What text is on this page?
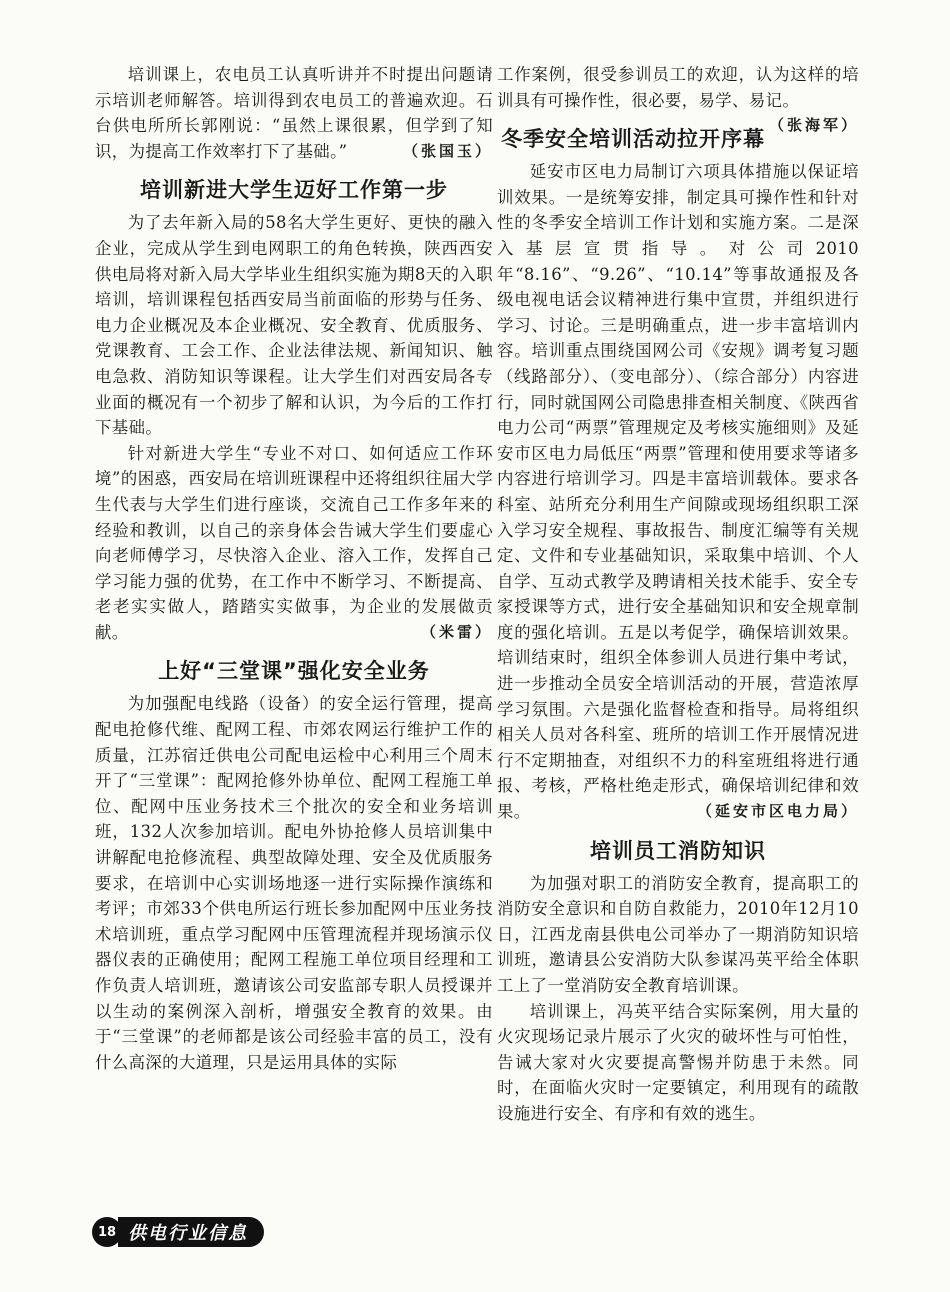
培训课上，农电员工认真听讲并不时提出问题请示培训老师解答。培训得到农电员工的普遍欢迎。石台供电所所长郭刚说：“虽然上课很累，但学到了知识，为提高工作效率打下了基础。”	（张国玉）

培训新进大学生迈好工作第一步

为了去年新入局的58名大学生更好、更快的融入企业，完成从学生到电网职工的角色转换，陕西西安供电局将对新入局大学毕业生组织实施为期8天的入职培训，培训课程包括西安局当前面临的形势与任务、电力企业概况及本企业概况、安全教育、优质服务、党课教育、工会工作、企业法律法规、新闻知识、触电急救、消防知识等课程。让大学生们对西安局各专业面的概况有一个初步了解和认识，为今后的工作打下基础。

针对新进大学生“专业不对口、如何适应工作环境”的困惑，西安局在培训班课程中还将组织往届大学生代表与大学生们进行座谈，交流自己工作多年来的经验和教训，以自己的亲身体会告诫大学生们要虚心向老师傅学习，尽快溶入企业、溶入工作，发挥自己学习能力强的优势，在工作中不断学习、不断提高、老老实实做人，踏踏实实做事，为企业的发展做贡献。	（米雷）

上好“三堂课”强化安全业务

为加强配电线路（设备）的安全运行管理，提高配电抢修代维、配网工程、市郊农网运行维护工作的质量，江苏宿迁供电公司配电运检中心利用三个周末开了“三堂课”：配网抢修外协单位、配网工程施工单位、配网中压业务技术三个批次的安全和业务培训班，132人次参加培训。配电外协抢修人员培训集中讲解配电抢修流程、典型故障处理、安全及优质服务要求，在培训中心实训场地逐一进行实际操作演练和考评；市郊33个供电所运行班长参加配网中压业务技术培训班，重点学习配网中压管理流程并现场演示仪器仪表的正确使用；配网工程施工单位项目经理和工作负责人培训班，邀请该公司安监部专职人员授课并以生动的案例深入剖析，增强安全教育的效果。由于“三堂课”的老师都是该公司经验丰富的员工，没有什么高深的大道理，只是运用具体的实际

工作案例，很受参训员工的欢迎，认为这样的培训具有可操作性，很必要，易学、易记。
（张海军）

冬季安全培训活动拉开序幕

延安市区电力局制订六项具体措施以保证培训效果。一是统筹安排，制定具可操作性和针对性的冬季安全培训工作计划和实施方案。二是深入基层宣贯指导。对公司2010年“8.16”、“9.26”、“10.14”等事故通报及各级电视电话会议精神进行集中宣贯，并组织进行学习、讨论。三是明确重点，进一步丰富培训内容。培训重点围绕国网公司《安规》调考复习题（线路部分）、（变电部分）、（综合部分）内容进行，同时就国网公司隐患排查相关制度、《陕西省电力公司“两票”管理规定及考核实施细则》及延安市区电力局低压“两票”管理和使用要求等诸多内容进行培训学习。四是丰富培训载体。要求各科室、站所充分利用生产间隙或现场组织职工深入学习安全规程、事故报告、制度汇编等有关规定、文件和专业基础知识，采取集中培训、个人自学、互动式教学及聘请相关技术能手、安全专家授课等方式，进行安全基础知识和安全规章制度的强化培训。五是以考促学，确保培训效果。培训结束时，组织全体参训人员进行集中考试，进一步推动全员安全培训活动的开展，营造浓厚学习氛围。六是强化监督检查和指导。局将组织相关人员对各科室、班所的培训工作开展情况进行不定期抽查，对组织不力的科室班组将进行通报、考核，严格杜绝走形式，确保培训纪律和效果。	（延安市区电力局）

培训员工消防知识

为加强对职工的消防安全教育，提高职工的消防安全意识和自防自救能力，2010年12月10日，江西龙南县供电公司举办了一期消防知识培训班，邀请县公安消防大队参谋冯英平给全体职工上了一堂消防安全教育培训课。

培训课上，冯英平结合实际案例，用大量的火灾现场记录片展示了火灾的破坏性与可怕性，告诫大家对火灾要提高警惕并防患于未然。同时，在面临火灾时一定要镇定，利用现有的疏散设施进行安全、有序和有效的逃生。

18 供电行业信息
